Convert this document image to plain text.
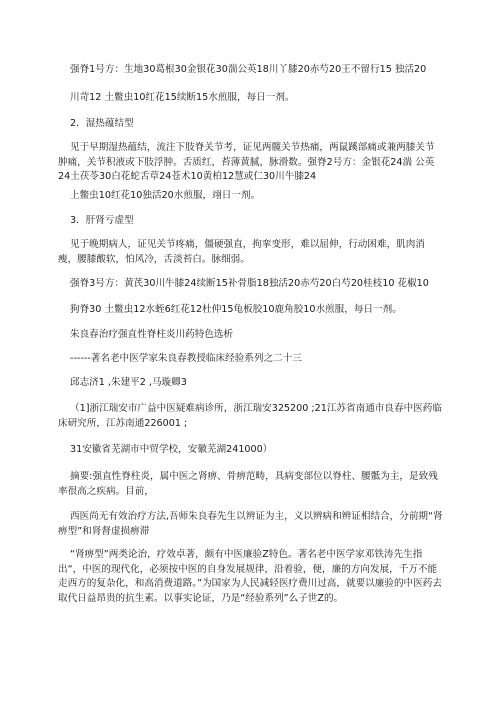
强脊1号方：生地30葛根30金银花30湍公英18川丫膝20赤芍20王不留行15 独活20

川苛12 土鳖虫10红花15续断15水煎服，每日一剂。

2．湿热蕴结型

见于早期湿热蕴结，流注下肢脊关节考，证见两髋关节热痛，两鼠蹊部痛或兼两膝关节肿痛，关节积液或下肢浮肿。舌质红，苔薄黄腻，脉滑数。强脊2号方：金银花24湍 公英24土茯苓30白花蛇舌草24苍术10黄柏12慧或仁30川牛膝24

上鳖虫10红花10独活20水煎服，翊日一剂。

3．肝肾亏虚型

见于晚期病人，证见关节疼痛，僵硬强直，拘挛变形，难以屈伸，行动困难，肌肉消瘦，腰膝酸软，怕风冷，舌淡苔白。脉细弱。

强脊3号方：黄芪30川牛膝24续断15补骨脂18独活20赤芍20白芍20桂枝10 花椒10

狗脊30 土鳖虫12水蛭6红花12杜仲15龟板胶10鹿角胶10水煎服，每日一剂。

朱良春治疗强直性脊柱炎川药特色选析

------著名老中医学家朱良春教授临床经验系列之二十三

邱志济1 ,朱建平2 ,马璇卿3

（1]浙江瑞安市广益中医疑难病诊所，浙江瑞安325200 ;21江苏省南通市良春中医药临床研究所，江苏南通226001 ;

31安徽省芜湖市中贸学校，安徽芜湖241000）

摘要:强直性脊柱炎，属中医之肾痹、骨痹范畴，具病变部位以脊柱、腰骶为主，是致残率很高之疾病。目前，

西医尚无有效治疗方法,吾师朱良春先生以辨证为主，义以辨病和辨证相结合，分前期“肾痹型”和肾督虚损痹滞

“肾痹型”两类论治，疗效卓著，颇有中医廉验Z特色。著名老中医学家邓铁涛先生指出“，中医的现代化，必须按中医的自身发展规律，沿着验，便，廉的方向发展，千万不能走西方的复杂化，和高消费道路。”为国家为人民减轻医疗费川过高，就要以廉验的中医药去取代日益昂贵的抗生素。以事实论证，乃是“经验系列”么子世Z的。
